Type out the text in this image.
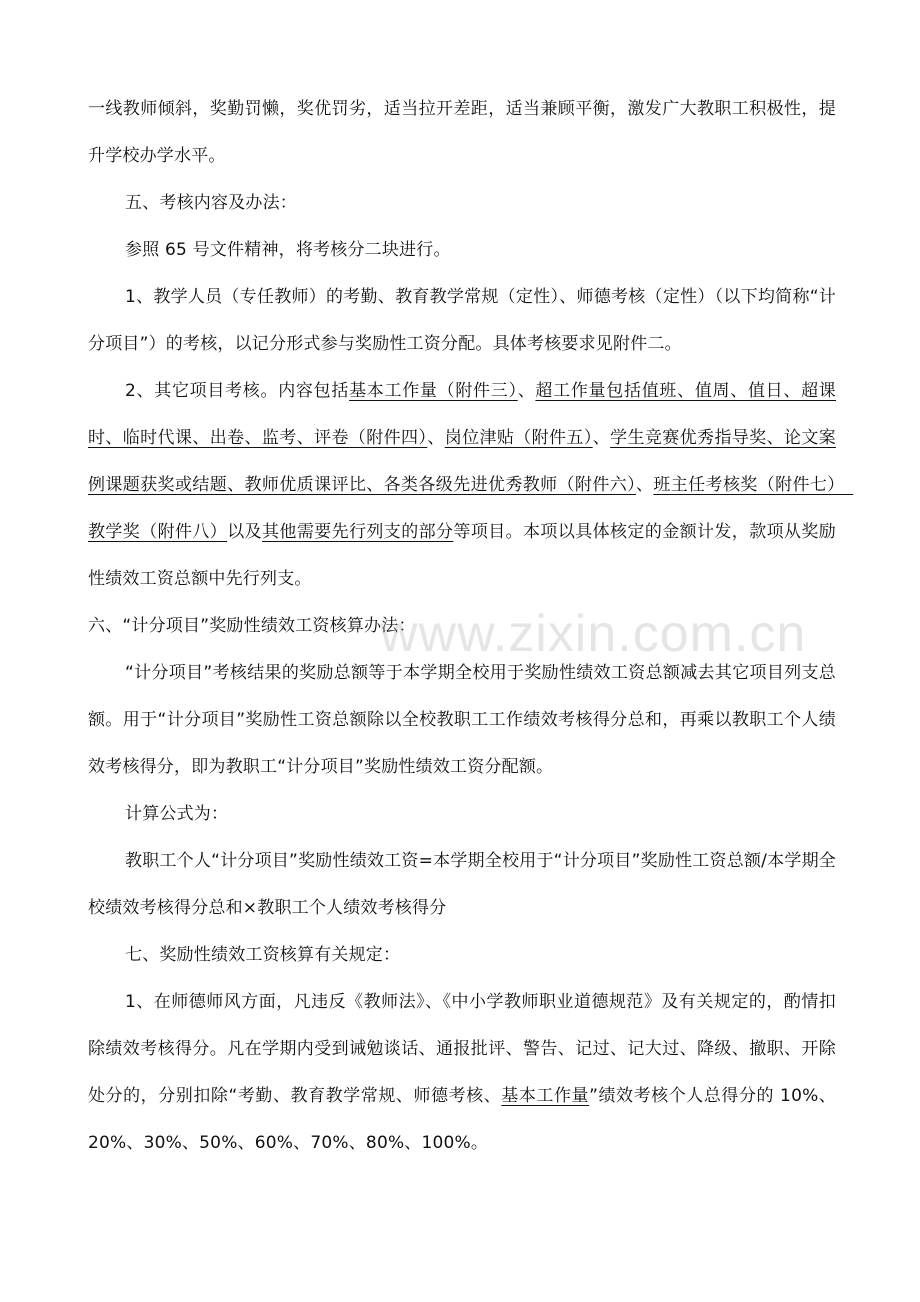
一线教师倾斜，奖勤罚懒，奖优罚劣，适当拉开差距，适当兼顾平衡，激发广大教职工积极性，提升学校办学水平。

五、考核内容及办法：

参照 65 号文件精神，将考核分二块进行。

1、教学人员（专任教师）的考勤、教育教学常规（定性）、师德考核（定性）（以下均简称“计分项目”）的考核，以记分形式参与奖励性工资分配。具体考核要求见附件二。

2、其它项目考核。内容包括基本工作量（附件三）、超工作量包括值班、值周、值日、超课时、临时代课、出卷、监考、评卷（附件四）、岗位津贴（附件五）、学生竞赛优秀指导奖、论文案例课题获奖或结题、教师优质课评比、各类各级先进优秀教师（附件六）、班主任考核奖（附件七）　　教学奖（附件八）以及其他需要先行列支的部分等项目。本项以具体核定的金额计发，款项从奖励性绩效工资总额中先行列支。

六、“计分项目”奖励性绩效工资核算办法：

“计分项目”考核结果的奖励总额等于本学期全校用于奖励性绩效工资总额减去其它项目列支总额。用于“计分项目”奖励性工资总额除以全校教职工工作绩效考核得分总和，再乘以教职工个人绩效考核得分，即为教职工“计分项目”奖励性绩效工资分配额。

计算公式为：

教职工个人“计分项目”奖励性绩效工资=本学期全校用于“计分项目”奖励性工资总额/本学期全校绩效考核得分总和×教职工个人绩效考核得分

七、奖励性绩效工资核算有关规定：

1、在师德师风方面，凡违反《教师法》、《中小学教师职业道德规范》及有关规定的，酌情扣除绩效考核得分。凡在学期内受到诫勉谈话、通报批评、警告、记过、记大过、降级、撤职、开除处分的，分别扣除“考勤、教育教学常规、师德考核、基本工作量”绩效考核个人总得分的 10%、20%、30%、50%、60%、70%、80%、100%。

www.zixin.com.cn
